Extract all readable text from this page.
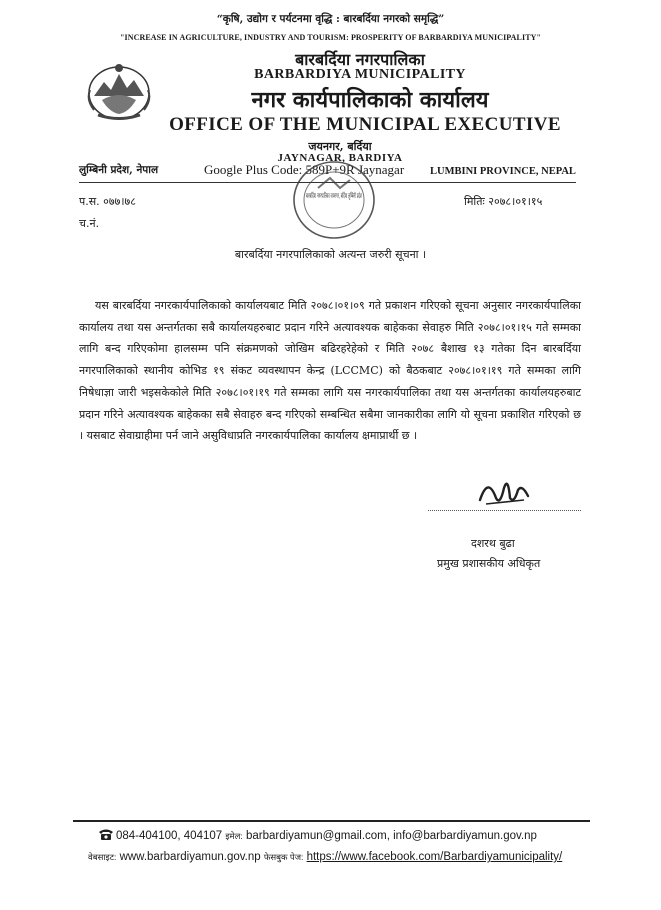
“कृषि, उद्योग र पर्यटनमा वृद्धि : बारबर्दिया नगरको समृद्धि”
"INCREASE IN AGRICULTURE, INDUSTRY AND TOURISM: PROSPERITY OF BARBARDIYA MUNICIPALITY"
बारबर्दिया नगरपालिका
BARBARDIYA MUNICIPALITY
नगर कार्यपालिकाको कार्यालय
OFFICE OF THE MUNICIPAL EXECUTIVE
जयनगर, बर्दिया
JAYNAGAR, BARDIYA
लुम्बिनी प्रदेश, नेपाल	Google Plus Code: 589P+9R Jaynagar LUMBINI PROVINCE, NEPAL
बारबर्दिया नगरपालिका जयनगर, बर्दिया लुम्बिनी प्रदेश
प.स. ०७७।७८
च.नं.
मितिः २०७८।०१।१५
बारबर्दिया नगरपालिकाको अत्यन्त जरुरी सूचना ।

यस बारबर्दिया नगरकार्यपालिकाको कार्यालयबाट मिति २०७८।०१।०९ गते प्रकाशन गरिएको सूचना अनुसार नगरकार्यपालिका कार्यालय तथा यस अन्तर्गतका सबै कार्यालयहरुबाट प्रदान गरिने अत्यावश्यक बाहेकका सेवाहरु मिति २०७८।०१।१५ गते सम्मका लागि बन्द गरिएकोमा हालसम्म पनि संक्रमणको जोखिम बढिरहरेहेको र मिति २०७८ बैशाख १३ गतेका दिन बारबर्दिया नगरपालिकाको स्थानीय कोभिड १९ संकट व्यवस्थापन केन्द्र (LCCMC) को बैठकबाट २०७८।०१।१९ गते सम्मका लागि निषेधाज्ञा जारी भइसकेकोले मिति २०७८।०१।१९ गते सम्मका लागि यस नगरकार्यपालिका तथा यस अन्तर्गतका कार्यालयहरुबाट प्रदान गरिने अत्यावश्यक बाहेकका सबै सेवाहरु बन्द गरिएको सम्बन्धित सबैमा जानकारीका लागि यो सूचना प्रकाशित गरिएको छ । यसबाट सेवाग्राहीमा पर्न जाने असुविधाप्रति नगरकार्यपालिका कार्यालय क्षमाप्रार्थी छ ।

दशरथ बुढा
प्रमुख प्रशासकीय अधिकृत
084-404100, 404107 इमेल: barbardiyamun@gmail.com, info@barbardiyamun.gov.np
वेबसाइट: www.barbardiyamun.gov.np फेसबुक पेज: https://www.facebook.com/Barbardiyamunicipality/
